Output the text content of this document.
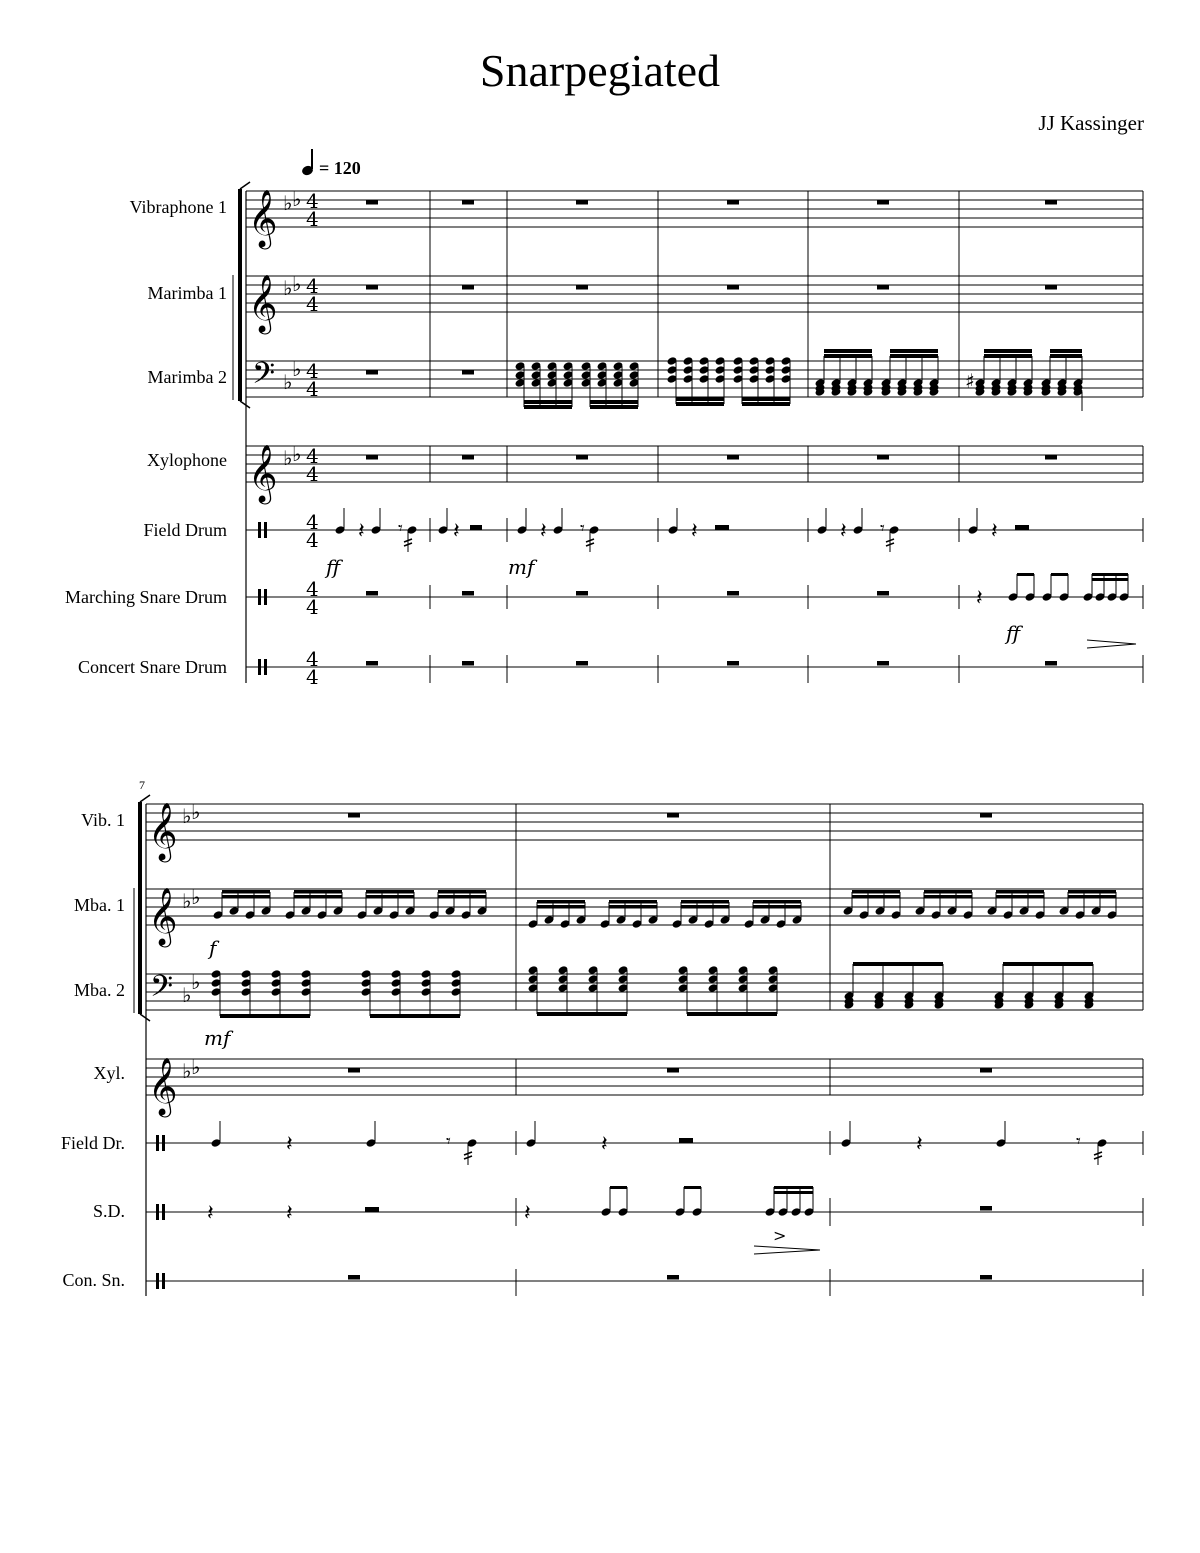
Snarpegiated
JJ Kassinger
= 120
Vibraphone 1
Marimba 1
Marimba 2
Xylophone
Field Drum
Marching Snare Drum
Concert Snare Drum
7
Vib. 1
Mba. 1
Mba. 2
Xyl.
Field Dr.
S.D.
Con. Sn.
𝄞 ♭ ♭ 4
4
𝄞 ♭ ♭ 4
4
𝄢 ♭
♭ 4
4
𝄞 ♭ ♭ 4
4
4
4
4
4
4
4
♯
𝄽 𝄾 𝄽	𝄽 𝄾	𝄽	𝄽 𝄾	𝄽
ff	mf
𝄽
ff
𝄞 ♭ ♭
𝄞 ♭ ♭
𝄢 ♭
♭
𝄞 ♭ ♭
f
mf
𝄽	𝄾	𝄽	𝄽	𝄾
𝄽	𝄽	𝄽
>
